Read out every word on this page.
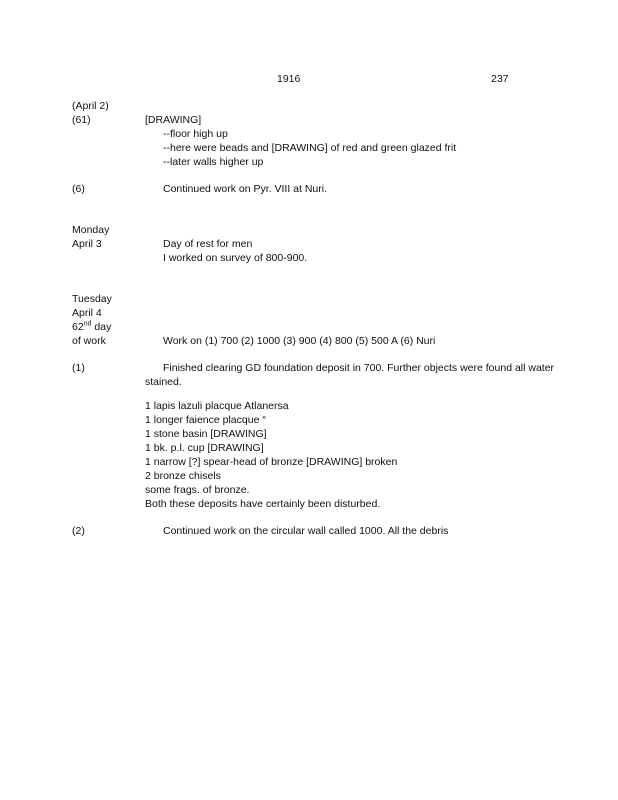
1916	237
(April 2)
(61)	[DRAWING]
--floor high up
--here were beads and [DRAWING] of red and green glazed frit
--later walls higher up
(6)	Continued work on Pyr. VIII at Nuri.
Monday
April 3	Day of rest for men
I worked on survey of 800-900.
Tuesday
April 4
62nd day
of work	Work on (1) 700 (2) 1000 (3) 900 (4) 800 (5) 500 A (6) Nuri
(1)	Finished clearing GD foundation deposit in 700. Further objects were found all water
stained.
1 lapis lazuli placque Atlanersa
1 longer faience placque “
1 stone basin [DRAWING]
1 bk. p.l. cup [DRAWING]
1 narrow [?] spear-head of bronze [DRAWING] broken
2 bronze chisels
some frags. of bronze.
Both these deposits have certainly been disturbed.
(2)	Continued work on the circular wall called 1000. All the debris
